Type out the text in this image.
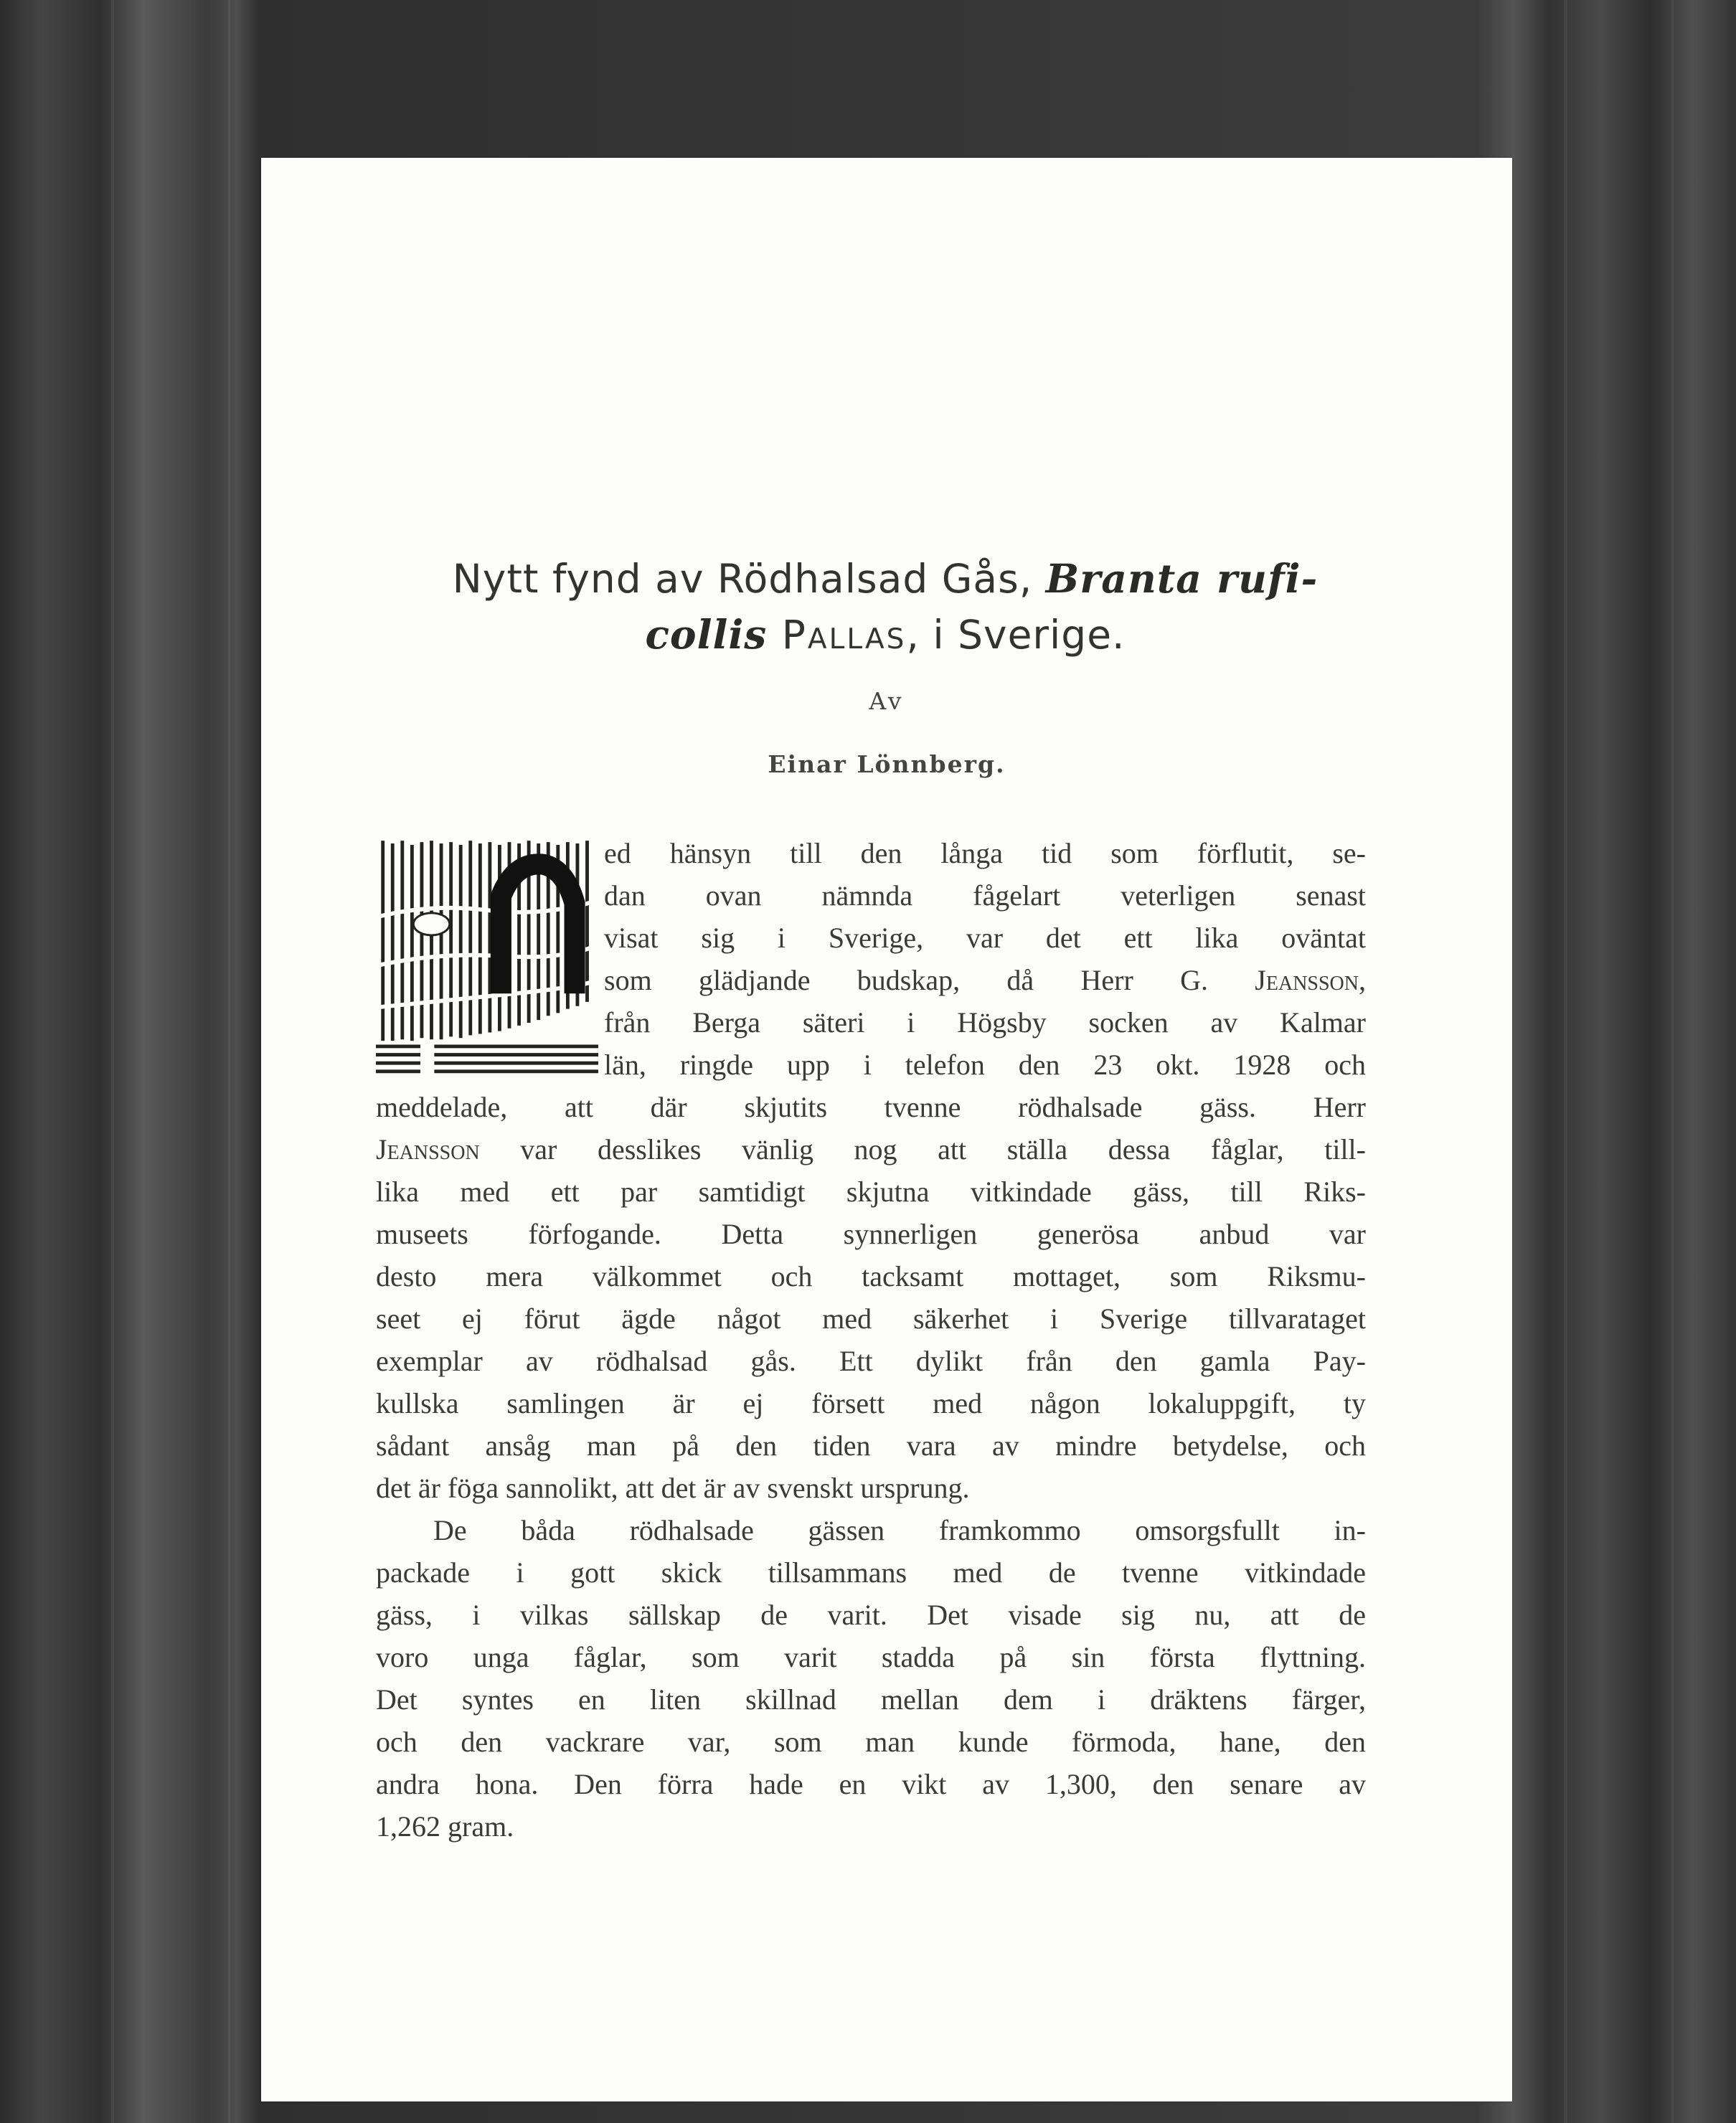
Nytt fynd av Rödhalsad Gås, Branta rufi-
collis Pallas, i Sverige.
Av
Einar Lönnberg.
ed hänsyn till den långa tid som förflutit, se-
dan ovan nämnda fågelart veterligen senast
visat sig i Sverige, var det ett lika oväntat
som glädjande budskap, då Herr G. Jeansson,
från Berga säteri i Högsby socken av Kalmar
län, ringde upp i telefon den 23 okt. 1928 och
meddelade, att där skjutits tvenne rödhalsade gäss. Herr
Jeansson var desslikes vänlig nog att ställa dessa fåglar, till-
lika med ett par samtidigt skjutna vitkindade gäss, till Riks-
museets förfogande. Detta synnerligen generösa anbud var
desto mera välkommet och tacksamt mottaget, som Riksmu-
seet ej förut ägde något med säkerhet i Sverige tillvarataget
exemplar av rödhalsad gås. Ett dylikt från den gamla Pay-
kullska samlingen är ej försett med någon lokaluppgift, ty
sådant ansåg man på den tiden vara av mindre betydelse, och
det är föga sannolikt, att det är av svenskt ursprung.
De båda rödhalsade gässen framkommo omsorgsfullt in-
packade i gott skick tillsammans med de tvenne vitkindade
gäss, i vilkas sällskap de varit. Det visade sig nu, att de
voro unga fåglar, som varit stadda på sin första flyttning.
Det syntes en liten skillnad mellan dem i dräktens färger,
och den vackrare var, som man kunde förmoda, hane, den
andra hona. Den förra hade en vikt av 1,300, den senare av
1,262 gram.
